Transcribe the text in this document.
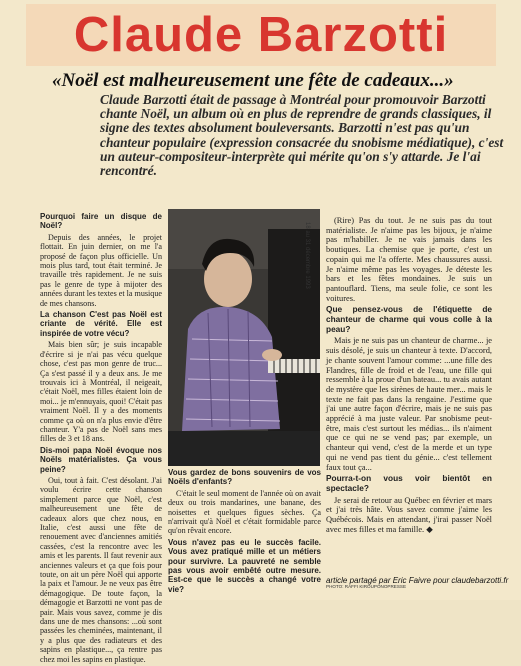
Claude Barzotti
«Noël est malheureusement une fête de cadeaux...»
Claude Barzotti était de passage à Montréal pour promouvoir Barzotti chante Noël, un album où en plus de reprendre de grands classiques, il signe des textes absolument bouleversants. Barzotti n'est pas qu'un chanteur populaire (expression consacrée du snobisme médiatique), c'est un auteur-compositeur-interprète qui mérite qu'on s'y attarde. Je l'ai rencontré.

Pourquoi faire un disque de Noël?

Depuis des années, le projet flottait. En juin dernier, on me l'a proposé de façon plus officielle. Un mois plus tard, tout était terminé. Je travaille très rapidement. Je ne suis pas le genre de type à mijoter des années durant les textes et la musique de mes chansons.

La chanson C'est pas Noël est criante de vérité. Elle est inspirée de votre vécu?

Mais bien sûr; je suis incapable d'écrire si je n'ai pas vécu quelque chose, c'est pas mon genre de truc... Ça s'est passé il y a deux ans. Je me trouvais ici à Montréal, il neigeait, c'était Noël, mes filles étaient loin de moi... je m'ennuyais, quoi! C'était pas vraiment Noël. Il y a des moments comme ça où on n'a plus envie d'être chanteur. Y'a pas de Noël sans mes filles de 3 et 18 ans.

Dis-moi papa Noël évoque nos Noëls matérialistes. Ça vous peine?

Oui, tout à fait. C'est désolant. J'ai voulu écrire cette chanson simplement parce que Noël, c'est malheureusement une fête de cadeaux alors que chez nous, en Italie, c'est aussi une fête de renouement avec d'anciennes amitiés cassées, c'est la rencontre avec les amis et les parents. Il faut revenir aux anciennes valeurs et ça que fois pour toute, on ait un père Noël qui apporte la paix et l'amour. Je ne veux pas être démagogique. De toute façon, la démagogie et Barzotti ne vont pas de pair. Mais vous savez, comme je dis dans une de mes chansons: ...où sont passées les cheminées, maintenant, il y a plus que des radiateurs et des sapins en plastique..., ça rentre pas chez moi les sapins en plastique.

18 au 31 décembre 1993

Vous gardez de bons souvenirs de vos Noëls d'enfants?

C'était le seul moment de l'année où on avait deux ou trois mandarines, une banane, des noisettes et quelques figues sèches. Ça n'arrivait qu'à Noël et c'était formidable parce qu'on rêvait encore.

Vous n'avez pas eu le succès facile. Vous avez pratiqué mille et un métiers pour survivre. La pauvreté ne semble pas vous avoir embêté outre mesure. Est-ce que le succès a changé votre vie?

(Rire) Pas du tout. Je ne suis pas du tout matérialiste. Je n'aime pas les bijoux, je n'aime pas m'habiller. Je ne vais jamais dans les boutiques. La chemise que je porte, c'est un copain qui me l'a offerte. Mes chaussures aussi. Je n'aime même pas les voyages. Je déteste les bars et les fêtes mondaines. Je suis un pantouflard. Tiens, ma seule folie, ce sont les voitures.

Que pensez-vous de l'étiquette de chanteur de charme qui vous colle à la peau?

Mais je ne suis pas un chanteur de charme... je suis désolé, je suis un chanteur à texte. D'accord, je chante souvent l'amour comme: ...une fille des Flandres, fille de froid et de l'eau, une fille qui ressemble à la proue d'un bateau... tu avais autant de mystère que les sirènes de haute mer... mais le texte ne fait pas dans la rengaine. J'estime que j'ai une autre façon d'écrire, mais je ne suis pas apprécié à ma juste valeur. Par snobisme peut-être, mais c'est surtout les médias... ils n'aiment que ce qui ne se vend pas; par exemple, un chanteur qui vend, c'est de la merde et un type qui ne vend pas tient du génie... c'est tellement faux tout ça...

Pourra-t-on vous voir bientôt en spectacle?

Je serai de retour au Québec en février et mars et j'ai très hâte. Vous savez comme j'aime les Québécois. Mais en attendant, j'irai passer Noël avec mes filles et ma famille. ◆

article partagé par Eric Faivre pour claudebarzotti.fr
PHOTO: RAFFI KIROUPONOPRESSE
